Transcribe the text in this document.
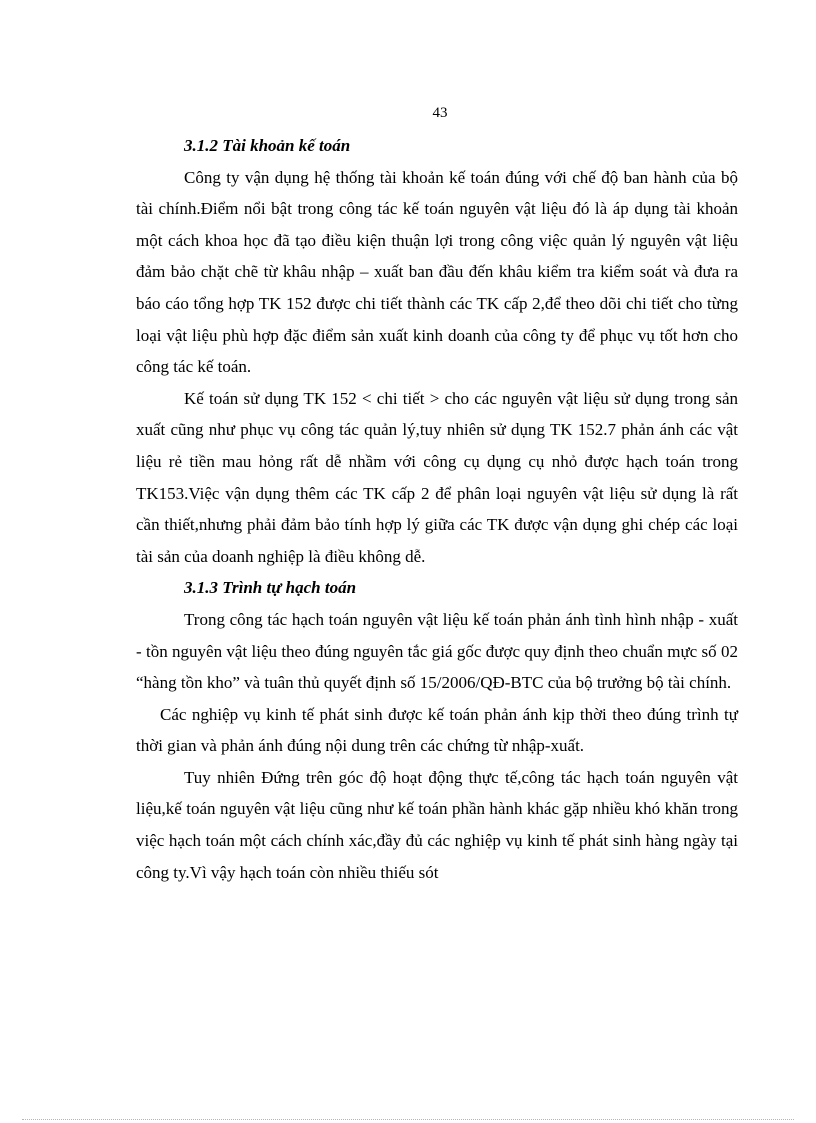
43
3.1.2 Tài khoản kế toán

Công ty vận dụng hệ thống tài khoản kế toán đúng với chế độ ban hành của bộ tài chính.Điểm nổi bật trong công tác kế toán nguyên vật liệu đó là áp dụng tài khoản một cách khoa học đã tạo điều kiện thuận lợi trong công việc quản lý nguyên vật liệu đảm bảo chặt chẽ từ khâu nhập – xuất ban đầu đến khâu kiểm tra kiểm soát và đưa ra báo cáo tổng hợp TK 152 được chi tiết thành các TK cấp 2,để theo dõi chi tiết cho từng loại vật liệu phù hợp đặc điểm sản xuất kinh doanh của công ty để phục vụ tốt hơn cho công tác kế toán.

Kế toán sử dụng TK 152 < chi tiết > cho các nguyên vật liệu sử dụng trong sản xuất cũng như phục vụ công tác quản lý,tuy nhiên sử dụng TK 152.7 phản ánh các vật liệu rẻ tiền mau hỏng rất dễ nhầm với công cụ dụng cụ nhỏ được hạch toán trong TK153.Việc vận dụng thêm các TK cấp 2 để phân loại nguyên vật liệu sử dụng là rất cần thiết,nhưng phải đảm bảo tính hợp lý giữa các TK được vận dụng ghi chép các loại tài sản của doanh nghiệp là điều không dễ.

3.1.3 Trình tự hạch toán

Trong công tác hạch toán nguyên vật liệu kế toán phản ánh tình hình nhập - xuất - tồn nguyên vật liệu theo đúng nguyên tắc giá gốc được quy định theo chuẩn mực số 02 “hàng tồn kho” và tuân thủ quyết định số 15/2006/QĐ-BTC của bộ trưởng bộ tài chính.

Các nghiệp vụ kinh tế phát sinh được kế toán phản ánh kịp thời theo đúng trình tự thời gian và phản ánh đúng nội dung trên các chứng từ nhập-xuất.

Tuy nhiên Đứng trên góc độ hoạt động thực tế,công tác hạch toán nguyên vật liệu,kế toán nguyên vật liệu cũng như kế toán phần hành khác gặp nhiều khó khăn trong việc hạch toán một cách chính xác,đầy đủ các nghiệp vụ kinh tế phát sinh hàng ngày tại công ty.Vì vậy hạch toán còn nhiều thiếu sót
